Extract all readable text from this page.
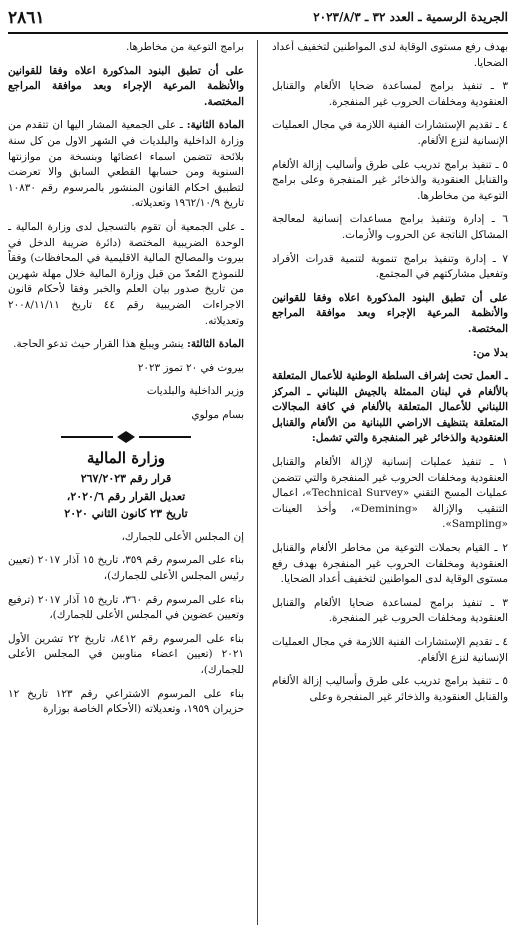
الجريدة الرسمية ـ العدد ٣٢ ـ ٢٠٢٣/٨/٣
٢٨٦١

بهدف رفع مستوى الوقاية لدى المواطنين لتخفيف أعداد الضحايا.

٣ ـ تنفيذ برامج لمساعدة ضحايا الألغام والقنابل العنقودية ومخلفات الحروب غير المنفجرة.

٤ ـ تقديم الإستشارات الفنية اللازمة في مجال العمليات الإنسانية لنزع الألغام.

٥ ـ تنفيذ برامج تدريب على طرق وأساليب إزالة الألغام والقنابل العنقودية والذخائر غير المنفجرة وعلى برامج التوعية من مخاطرها.

٦ ـ إدارة وتنفيذ برامج مساعدات إنسانية لمعالجة المشاكل الناتجة عن الحروب والأزمات.

٧ ـ إدارة وتنفيذ برامج تنموية لتنمية قدرات الأفراد وتفعيل مشاركتهم في المجتمع.

على أن تطبق البنود المذكورة اعلاه وفقا للقوانين والأنظمة المرعية الإجراء وبعد موافقة المراجع المختصة.

بدلا من:

ـ العمل تحت إشراف السلطة الوطنية للأعمال المتعلقة بالألغام في لبنان الممثلة بالجيش اللبناني ـ المركز اللبناني للأعمال المتعلقة بالألغام في كافة المجالات المتعلقة بتنظيف الاراضي اللبنانية من الألغام والقنابل العنقودية والذخائر غير المنفجرة والتي تشمل:

١ ـ تنفيذ عمليات إنسانية لإزالة الألغام والقنابل العنقودية ومخلفات الحروب غير المنفجرة والتي تتضمن عمليات المسح التقني «Technical Survey»، اعمال التنقيب والإزالة «Demining»، وأخذ العينات «Sampling».

٢ ـ القيام بحملات التوعية من مخاطر الألغام والقنابل العنقودية ومخلفات الحروب غير المنفجرة بهدف رفع مستوى الوقاية لدى المواطنين لتخفيف أعداد الضحايا.

٣ ـ تنفيذ برامج لمساعدة ضحايا الألغام والقنابل العنقودية ومخلفات الحروب غير المنفجرة.

٤ ـ تقديم الإستشارات الفنية اللازمة في مجال العمليات الإنسانية لنزع الألغام.

٥ ـ تنفيذ برامج تدريب على طرق وأساليب إزالة الألغام والقنابل العنقودية والذخائر غير المنفجرة وعلى

برامج التوعية من مخاطرها.

على أن تطبق البنود المذكورة اعلاه وفقا للقوانين والأنظمة المرعية الإجراء وبعد موافقة المراجع المختصة.

المادة الثانية: ـ على الجمعية المشار اليها ان تتقدم من وزارة الداخلية والبلديات في الشهر الاول من كل سنة بلائحة تتضمن اسماء اعضائها وبنسخة من موازنتها السنوية ومن حسابها القطعي السابق والا تعرضت لتطبيق احكام القانون المنشور بالمرسوم رقم ١٠٨٣٠ تاريخ ١٩٦٢/١٠/٩ وتعديلاته.

ـ على الجمعية أن تقوم بالتسجيل لدى وزارة المالية ـ الوحدة الضريبية المختصة (دائرة ضريبة الدخل في بيروت والمصالح المالية الاقليمية في المحافظات) وفقاً للنموذج المُعدّ من قبل وزارة المالية خلال مهلة شهرين من تاريخ صدور بيان العلم والخبر وفقا لأحكام قانون الاجراءات الضريبية رقم ٤٤ تاريخ ٢٠٠٨/١١/١١ وتعديلاته.

المادة الثالثة: ينشر ويبلغ هذا القرار حيث تدعو الحاجة.

بيروت في ٢٠ تموز ٢٠٢٣

وزير الداخلية والبلديات

بسام مولوي

وزارة المالية
قرار رقم ٢٦٧/٢٠٢٣
تعديل القرار رقم ٢٠٢٠/٦،
تاريخ ٢٣ كانون الثاني ٢٠٢٠

إن المجلس الأعلى للجمارك،

بناء على المرسوم رقم ٣٥٩، تاريخ ١٥ آذار ٢٠١٧ (تعيين رئيس المجلس الأعلى للجمارك)،

بناء على المرسوم رقم ٣٦٠، تاريخ ١٥ آذار ٢٠١٧ (ترفيع وتعيين عضوين في المجلس الأعلى للجمارك)،

بناء على المرسوم رقم ٨٤١٢، تاريخ ٢٢ تشرين الأول ٢٠٢١ (تعيين اعضاء مناوبين في المجلس الأعلى للجمارك)،

بناء على المرسوم الاشتراعي رقم ١٢٣ تاريخ ١٢ حزيران ١٩٥٩، وتعديلاته (الأحكام الخاصة بوزارة
